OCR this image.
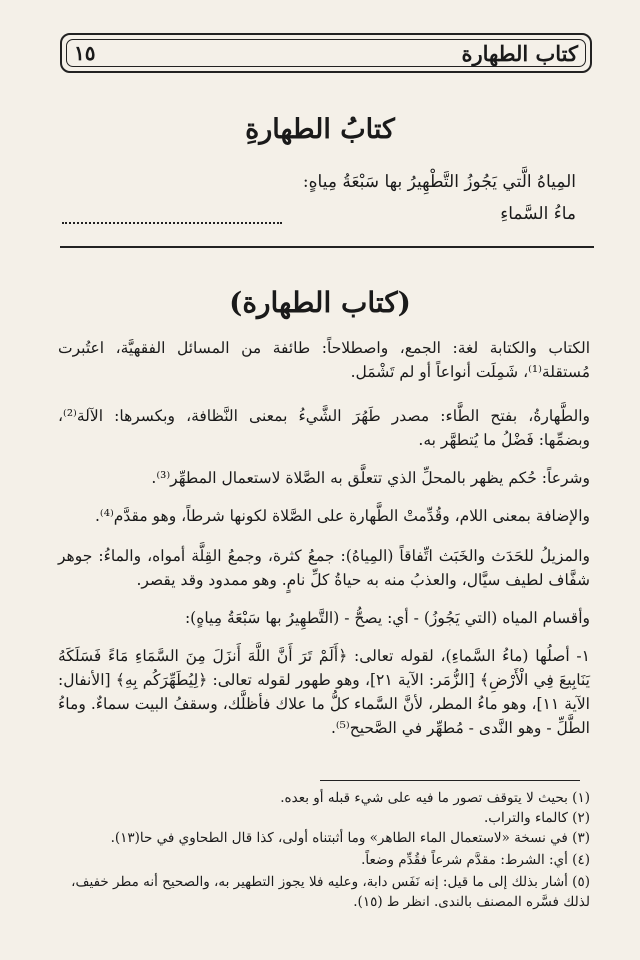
١٥	كتاب الطهارة
كتابُ الطهارةِ
المِياهُ الَّتي يَجُوزُ التَّطْهِيرُ بها سَبْعَةُ مِياهٍ:
ماءُ السَّماءِ
(كتاب الطهارة)
الكتاب والكتابة لغة: الجمع، واصطلاحاً: طائفة من المسائل الفقهيَّة، اعتُبرت مُستقلة⁽¹⁾، شَمِلَت أنواعاً أو لم تَشْمَل.
والطَّهارةُ، بفتح الطَّاء: مصدر طَهُرَ الشَّيءُ بمعنى النَّظافة، وبكسرها: الآلة⁽²⁾، وبضمِّها: فَضْلُ ما يُتطهَّر به.
وشرعاً: حُكم يظهر بالمحلِّ الذي تتعلَّق به الصَّلاة لاستعمال المطهِّر⁽³⁾.
والإضافة بمعنى اللام، وقُدِّمتْ الطَّهارة على الصَّلاة لكونها شرطاً، وهو مقدَّم⁽⁴⁾.
والمزيلُ للحَدَث والخَبَث اتِّفاقاً (المِياهُ): جمعُ كثرة، وجمعُ القِلَّة أمواه، والماءُ: جوهر شفَّاف لطيف سيَّال، والعذبُ منه به حياةُ كلِّ نامٍ. وهو ممدود وقد يقصر.
وأقسام المياه (التي يَجُوزُ) - أي: يصحُّ - (التَّطهِيرُ بها سَبْعَةُ مِياهٍ):
١- أصلُها (ماءُ السَّماءِ)، لقوله تعالى: ﴿أَلَمْ تَرَ أَنَّ اللَّهَ أَنزَلَ مِنَ السَّمَاءِ مَاءً فَسَلَكَهُ يَنَابِيعَ فِي الْأَرْضِ﴾ [الزُّمَر: الآية ٢١]، وهو طهور لقوله تعالى: ﴿لِيُطَهِّرَكُم بِهِ﴾ [الأنفال: الآية ١١]، وهو ماءُ المطر، لأنَّ السَّماء كلُّ ما علاك فأظلَّك، وسقفُ البيت سماءٌ. وماءُ الطَّلِّ - وهو النَّدى - مُطهِّر في الصَّحيح⁽⁵⁾.
(١) بحيث لا يتوقف تصور ما فيه على شيء قبله أو بعده.
(٢) كالماء والتراب.
(٣) في نسخة «لاستعمال الماء الطاهر» وما أثبتناه أولى، كذا قال الطحاوي في حا(١٣).
(٤) أي: الشرط: مقدَّم شرعاً فقُدِّم وضعاً.
(٥) أشار بذلك إلى ما قيل: إنه نَفَس دابة، وعليه فلا يجوز التطهير به، والصحيح أنه مطر خفيف، لذلك فسَّره المصنف بالندى. انظر ط (١٥).
